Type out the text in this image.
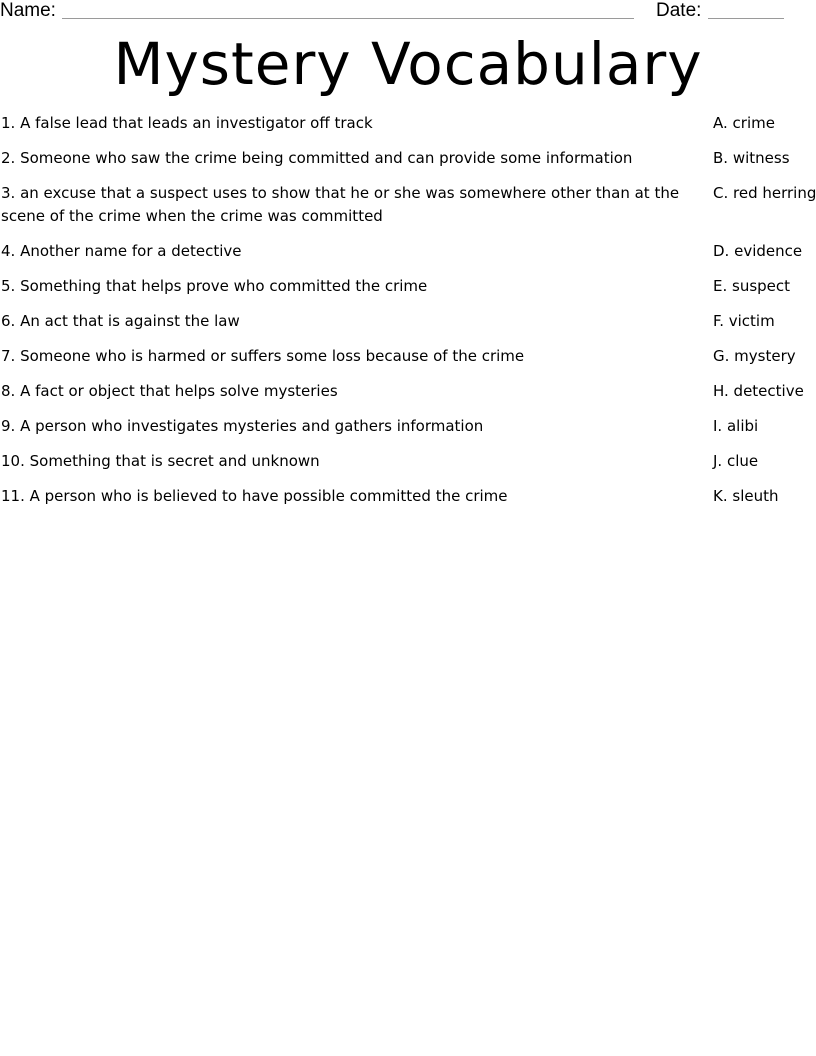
Name:	Date:
Mystery Vocabulary
1. A false lead that leads an investigator off track	A. crime
2. Someone who saw the crime being committed and can provide some information	B. witness
3. an excuse that a suspect uses to show that he or she was somewhere other than at the scene of the crime when the crime was committed
C. red herring
4. Another name for a detective	D. evidence
5. Something that helps prove who committed the crime	E. suspect
6. An act that is against the law	F. victim
7. Someone who is harmed or suffers some loss because of the crime	G. mystery
8. A fact or object that helps solve mysteries	H. detective
9. A person who investigates mysteries and gathers information	I. alibi
10. Something that is secret and unknown	J. clue
11. A person who is believed to have possible committed the crime	K. sleuth
